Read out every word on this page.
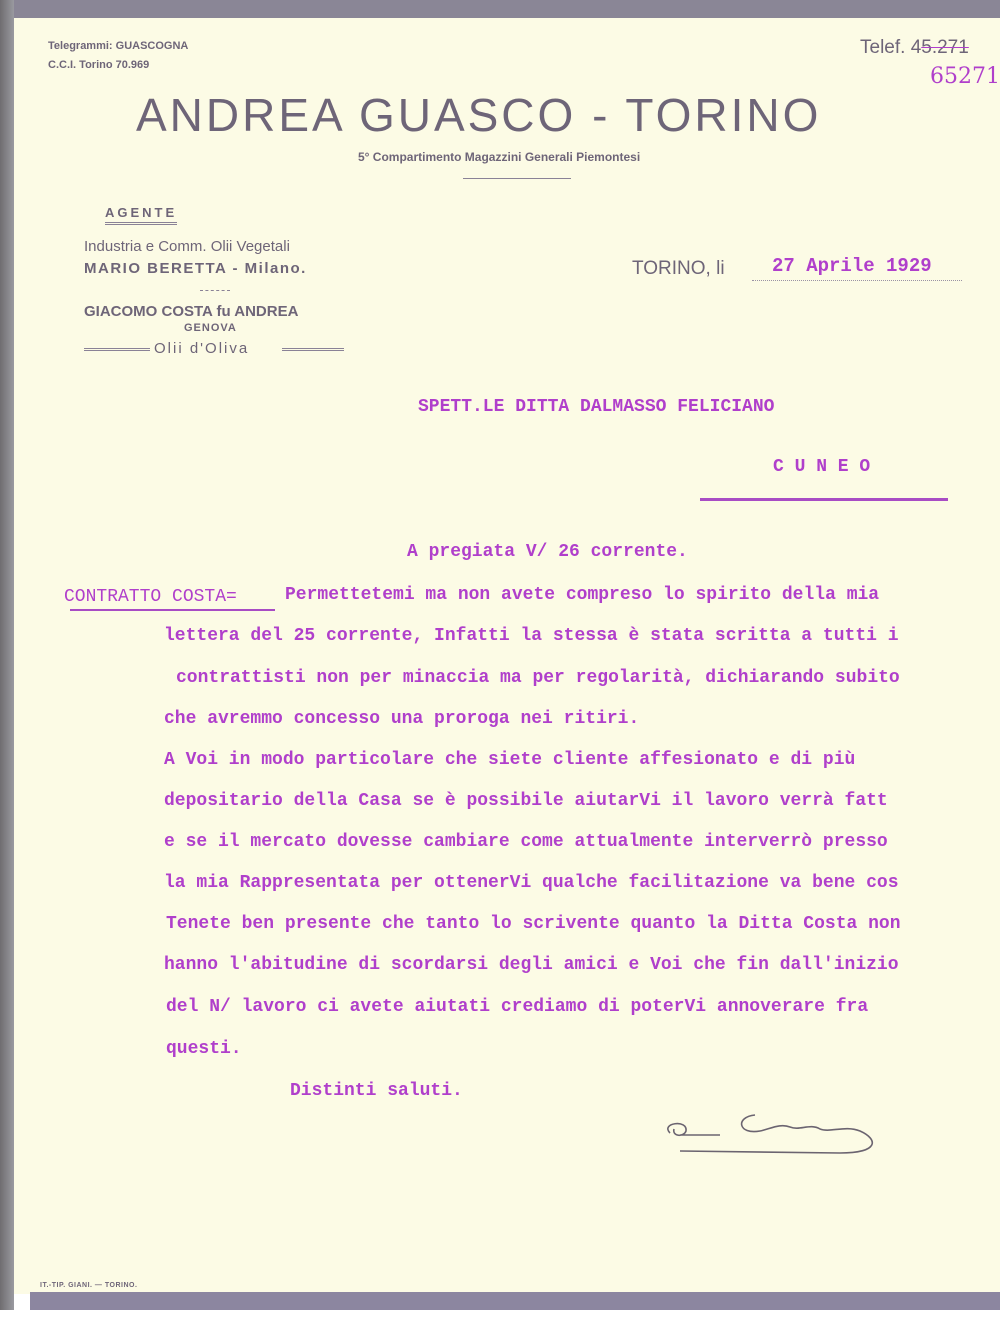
Telegrammi: GUASCOGNA
C.C.I. Torino 70.969
Telef. 45.271
65271
ANDREA GUASCO - TORINO
5° Compartimento Magazzini Generali Piemontesi
AGENTE
Industria e Comm. Olii Vegetali
MARIO BERETTA - Milano.
GIACOMO COSTA fu ANDREA
GENOVA
Olii d'Oliva
TORINO, li 27 Aprile 1929
SPETT.LE DITTA DALMASSO FELICIANO
C U N E O
A pregiata V/ 26 corrente.
CONTRATTO COSTA=	Permettetemi ma non avete compreso lo spirito della mia
lettera del 25 corrente, Infatti la stessa è stata scritta a tutti i
contrattisti non per minaccia ma per regolarità, dichiarando subito
che avremmo concesso una proroga nei ritiri.
A Voi in modo particolare che siete cliente affesionato e di più
depositario della Casa se è possibile aiutarVi il lavoro verrà fatt
e se il mercato dovesse cambiare come attualmente interverrò presso
la mia Rappresentata per ottenerVi qualche facilitazione va bene cos
Tenete ben presente che tanto lo scrivente quanto la Ditta Costa non
hanno l'abitudine di scordarsi degli amici e Voi che fin dall'inizio
del N/ lavoro ci avete aiutati crediamo di poterVi annoverare fra
questi.
Distinti saluti.
IT.-TIP. GIANI. — TORINO.
